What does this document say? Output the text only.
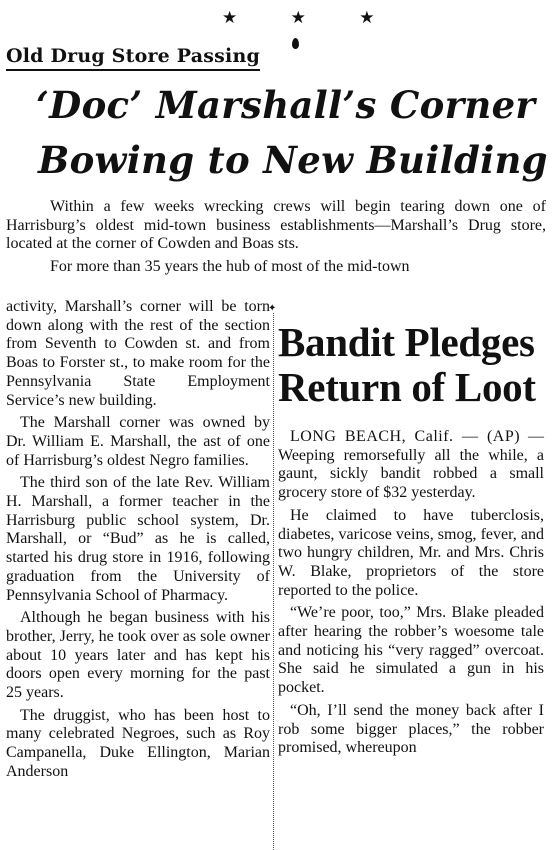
★ ★ ★
Old Drug Store Passing
‘Doc’ Marshall’s Corner
Bowing to New Building

Within a few weeks wrecking crews will begin tearing down one of Harrisburg’s oldest mid-town business establishments—Marshall’s Drug store, located at the corner of Cowden and Boas sts.

For more than 35 years the hub of most of the mid-town

activity, Marshall’s corner will be torn down along with the rest of the section from Seventh to Cowden st. and from Boas to Forster st., to make room for the Pennsylvania State Employment Service’s new building.

The Marshall corner was owned by Dr. William E. Marshall, the ast of one of Harrisburg’s oldest Negro families.

The third son of the late Rev. William H. Marshall, a former teacher in the Harrisburg public school system, Dr. Marshall, or “Bud” as he is called, started his drug store in 1916, following graduation from the University of Pennsylvania School of Pharmacy.

Although he began business with his brother, Jerry, he took over as sole owner about 10 years later and has kept his doors open every morning for the past 25 years.

The druggist, who has been host to many celebrated Negroes, such as Roy Campanella, Duke Ellington, Marian Anderson

✦
Bandit Pledges
Return of Loot

LONG BEACH, Calif. — (AP) —Weeping remorsefully all the while, a gaunt, sickly bandit robbed a small grocery store of $32 yesterday.

He claimed to have tuberclosis, diabetes, varicose veins, smog, fever, and two hungry children, Mr. and Mrs. Chris W. Blake, proprietors of the store reported to the police.

“We’re poor, too,” Mrs. Blake pleaded after hearing the robber’s woesome tale and noticing his “very ragged” overcoat. She said he simulated a gun in his pocket.

“Oh, I’ll send the money back after I rob some bigger places,” the robber promised, whereupon
